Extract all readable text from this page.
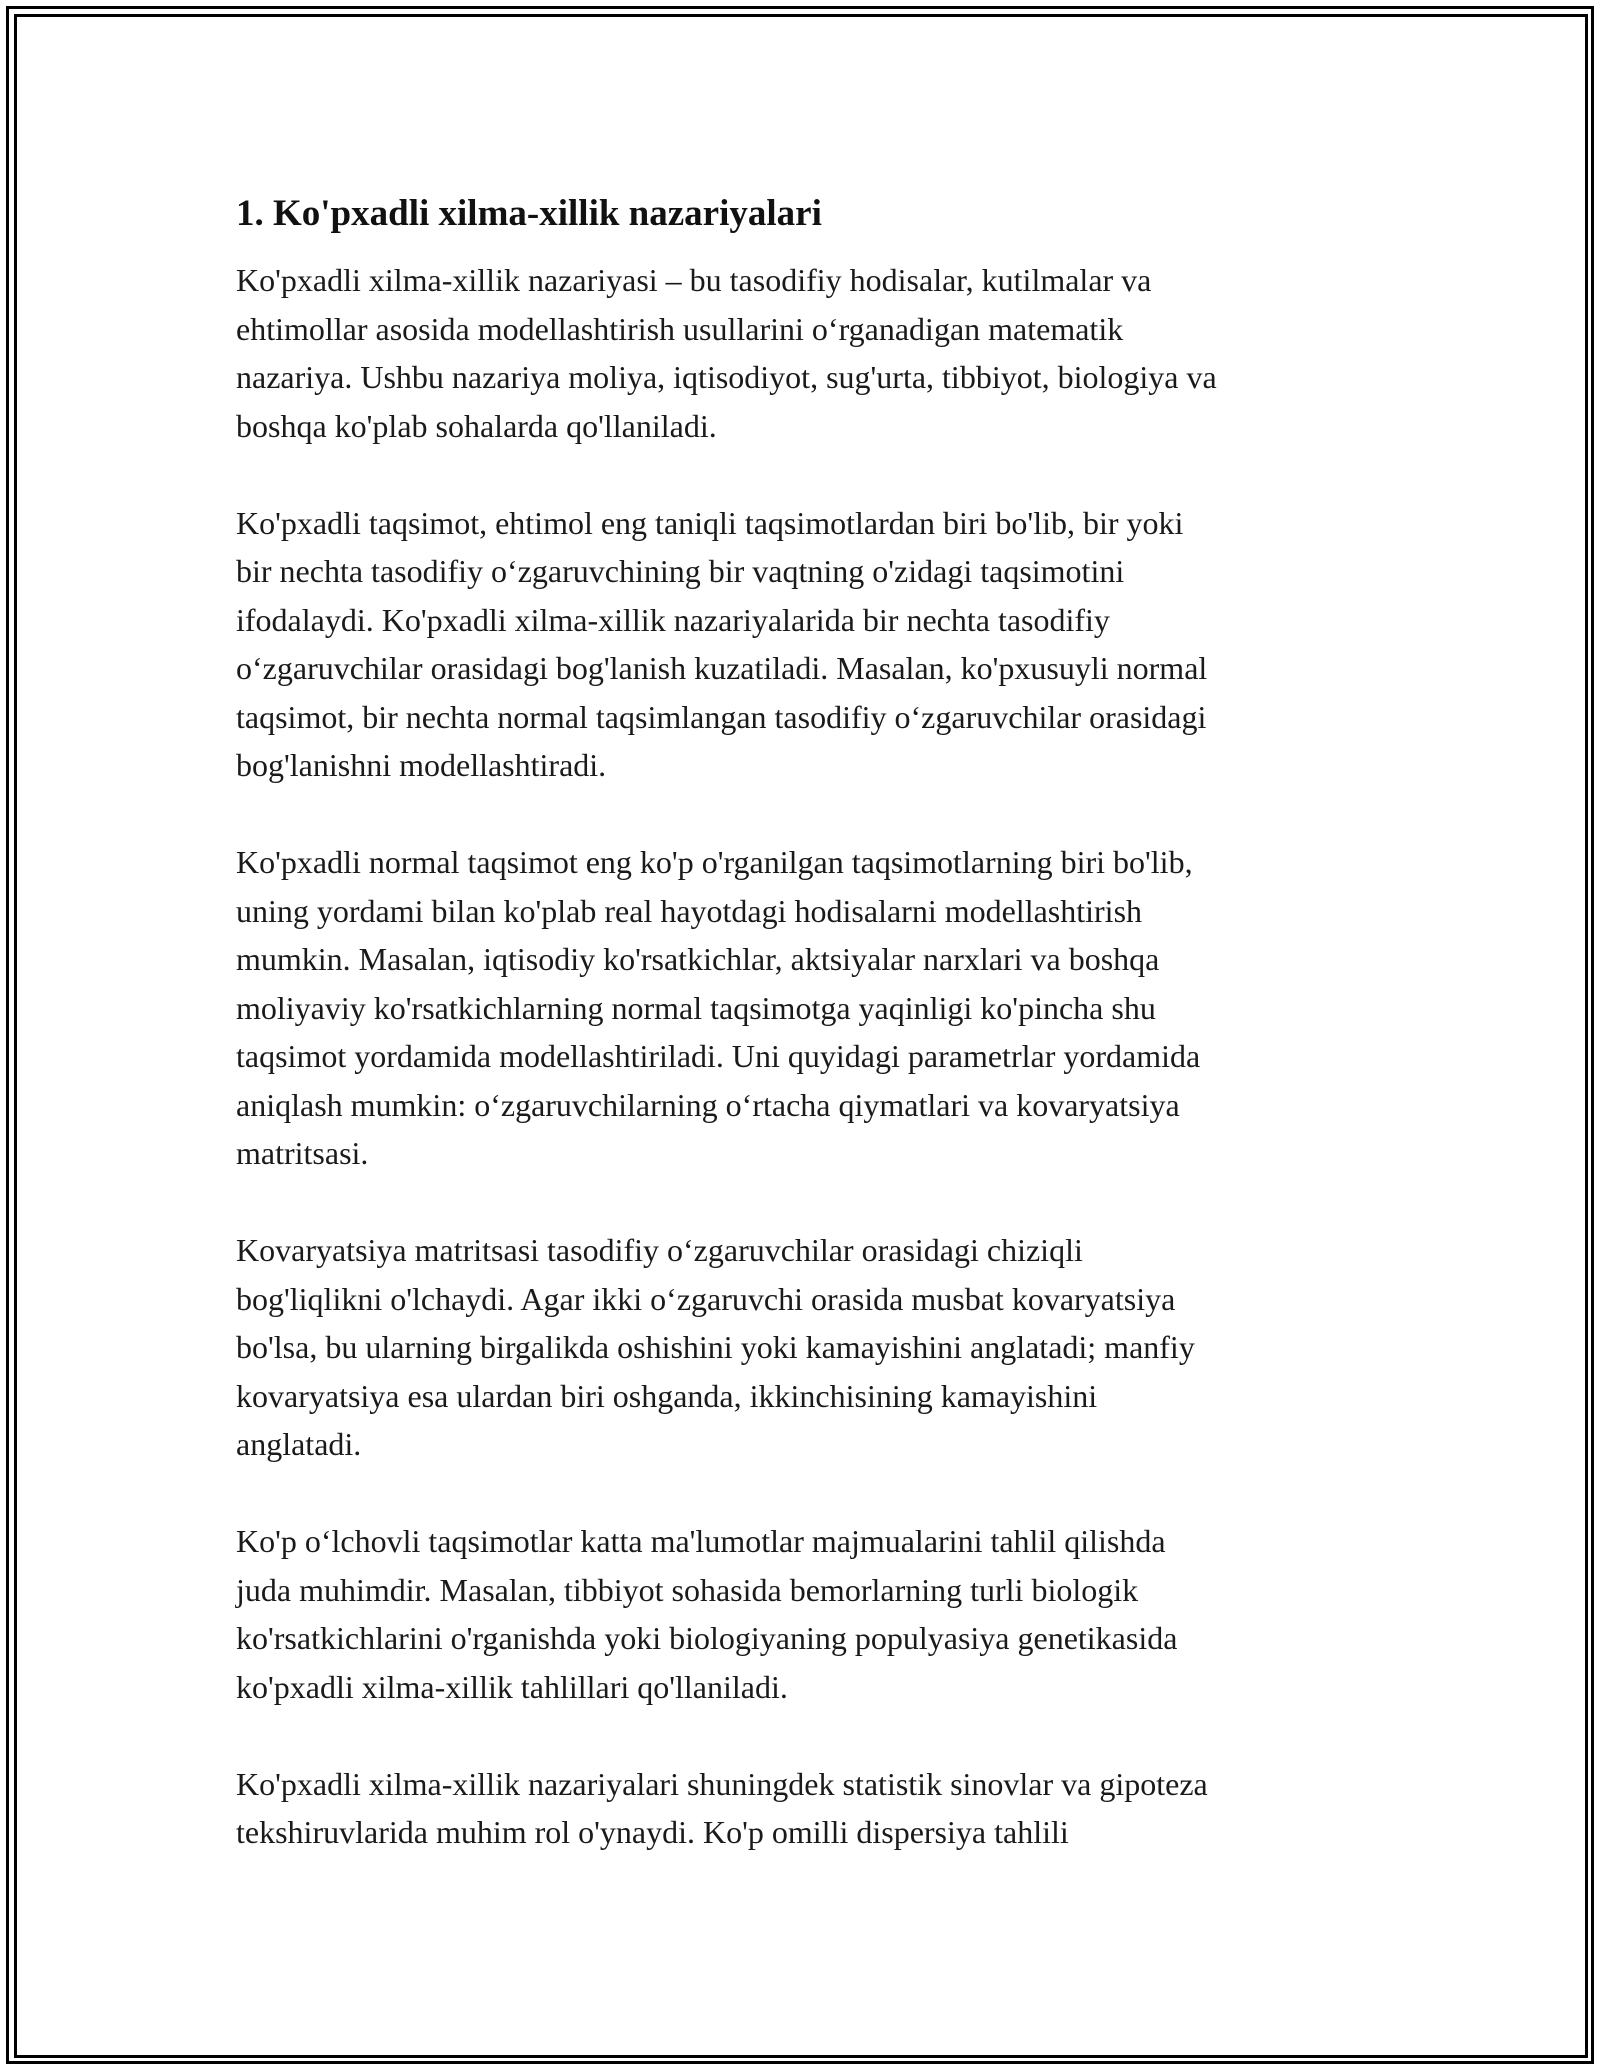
1. Ko'pxadli xilma-xillik nazariyalari

Ko'pxadli xilma-xillik nazariyasi – bu tasodifiy hodisalar, kutilmalar va
ehtimollar asosida modellashtirish usullarini o‘rganadigan matematik
nazariya. Ushbu nazariya moliya, iqtisodiyot, sug'urta, tibbiyot, biologiya va
boshqa ko'plab sohalarda qo'llaniladi.

Ko'pxadli taqsimot, ehtimol eng taniqli taqsimotlardan biri bo'lib, bir yoki
bir nechta tasodifiy o‘zgaruvchining bir vaqtning o'zidagi taqsimotini
ifodalaydi. Ko'pxadli xilma-xillik nazariyalarida bir nechta tasodifiy
o‘zgaruvchilar orasidagi bog'lanish kuzatiladi. Masalan, ko'pxusuyli normal
taqsimot, bir nechta normal taqsimlangan tasodifiy o‘zgaruvchilar orasidagi
bog'lanishni modellashtiradi.

Ko'pxadli normal taqsimot eng ko'p o'rganilgan taqsimotlarning biri bo'lib,
uning yordami bilan ko'plab real hayotdagi hodisalarni modellashtirish
mumkin. Masalan, iqtisodiy ko'rsatkichlar, aktsiyalar narxlari va boshqa
moliyaviy ko'rsatkichlarning normal taqsimotga yaqinligi ko'pincha shu
taqsimot yordamida modellashtiriladi. Uni quyidagi parametrlar yordamida
aniqlash mumkin: o‘zgaruvchilarning o‘rtacha qiymatlari va kovaryatsiya
matritsasi.

Kovaryatsiya matritsasi tasodifiy o‘zgaruvchilar orasidagi chiziqli
bog'liqlikni o'lchaydi. Agar ikki o‘zgaruvchi orasida musbat kovaryatsiya
bo'lsa, bu ularning birgalikda oshishini yoki kamayishini anglatadi; manfiy
kovaryatsiya esa ulardan biri oshganda, ikkinchisining kamayishini
anglatadi.

Ko'p o‘lchovli taqsimotlar katta ma'lumotlar majmualarini tahlil qilishda
juda muhimdir. Masalan, tibbiyot sohasida bemorlarning turli biologik
ko'rsatkichlarini o'rganishda yoki biologiyaning populyasiya genetikasida
ko'pxadli xilma-xillik tahlillari qo'llaniladi.

Ko'pxadli xilma-xillik nazariyalari shuningdek statistik sinovlar va gipoteza
tekshiruvlarida muhim rol o'ynaydi. Ko'p omilli dispersiya tahlili
